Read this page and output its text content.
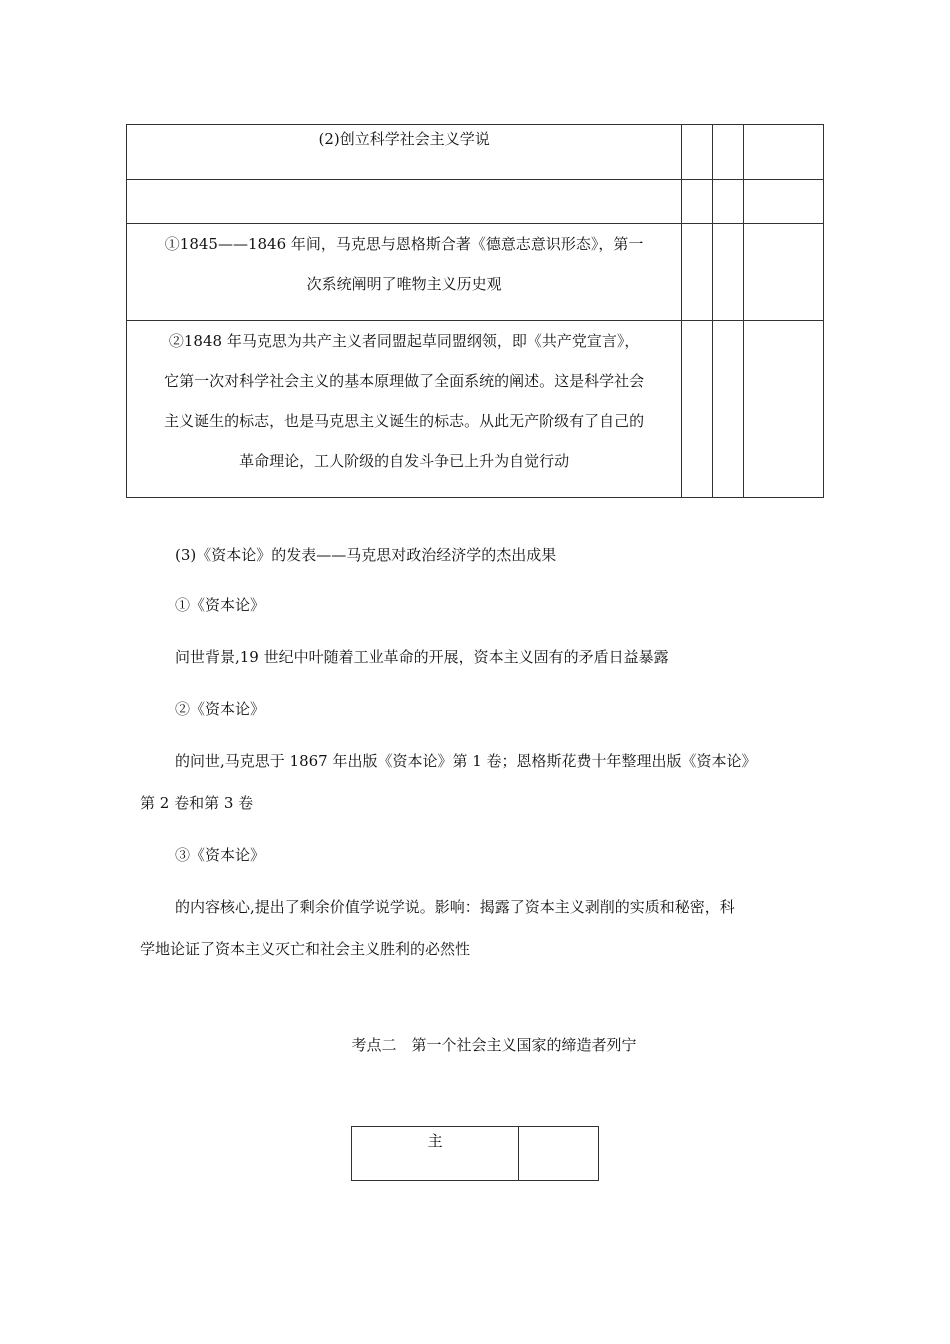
(2)创立科学社会主义学说			

①1845——1846 年间，马克思与恩格斯合著《德意志意识形态》，第一
次系统阐明了唯物主义历史观			

②1848 年马克思为共产主义者同盟起草同盟纲领，即《共产党宣言》，
它第一次对科学社会主义的基本原理做了全面系统的阐述。这是科学社会
主义诞生的标志，也是马克思主义诞生的标志。从此无产阶级有了自己的
革命理论，工人阶级的自发斗争已上升为自觉行动			

(3)《资本论》的发表——马克思对政治经济学的杰出成果
①《资本论》
问世背景,19 世纪中叶随着工业革命的开展，资本主义固有的矛盾日益暴露
②《资本论》
的问世,马克思于 1867 年出版《资本论》第 1 卷；恩格斯花费十年整理出版《资本论》
第 2 卷和第 3 卷
③《资本论》
的内容核心,提出了剩余价值学说学说。影响：揭露了资本主义剥削的实质和秘密，科
学地论证了资本主义灭亡和社会主义胜利的必然性
考点二　第一个社会主义国家的缔造者列宁
主
